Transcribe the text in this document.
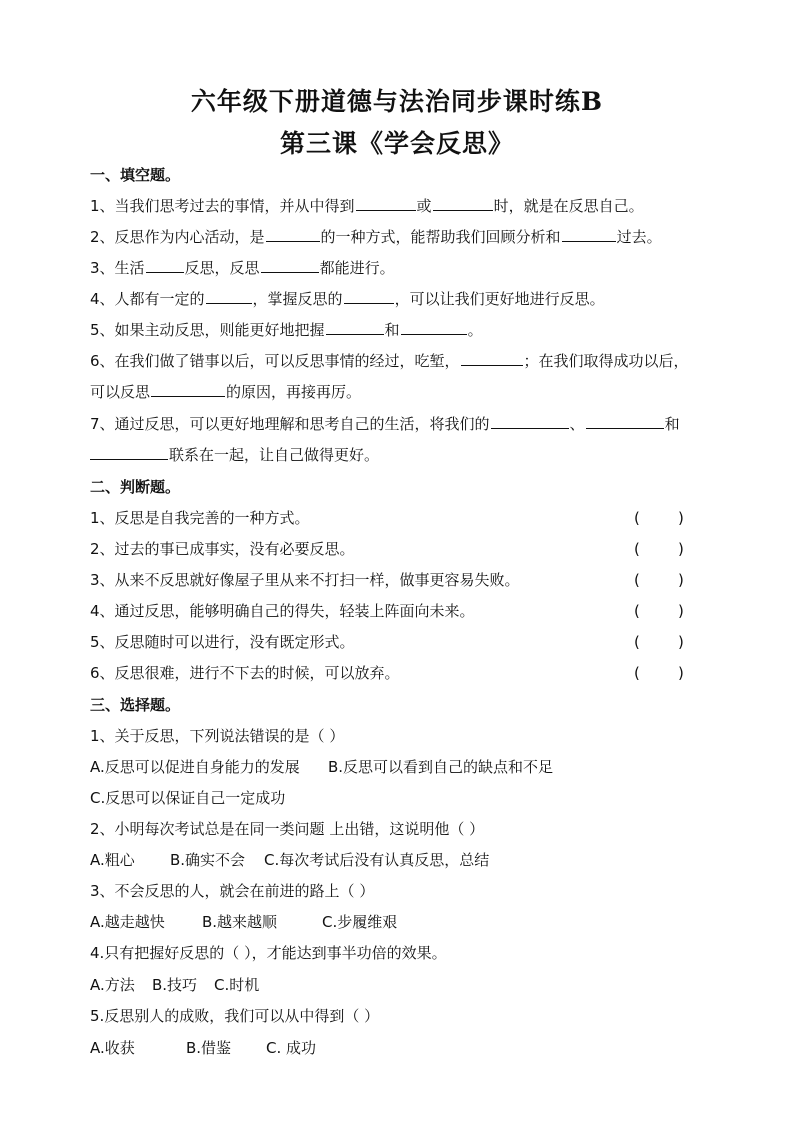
六年级下册道德与法治同步课时练B
第三课《学会反思》
一、填空题。
1、当我们思考过去的事情，并从中得到	或	时，就是在反思自己。
2、反思作为内心活动，是	的一种方式，能帮助我们回顾分析和	过去。
3、生活	反思，反思	都能进行。
4、人都有一定的	，掌握反思的	，可以让我们更好地进行反思。
5、如果主动反思，则能更好地把握	和	。
6、在我们做了错事以后，可以反思事情的经过，吃堑，	；在我们取得成功以后，
可以反思	的原因，再接再厉。
7、通过反思，可以更好地理解和思考自己的生活，将我们的	、	和
联系在一起，让自己做得更好。
二、判断题。
1、反思是自我完善的一种方式。	(        )
2、过去的事已成事实，没有必要反思。	(        )
3、从来不反思就好像屋子里从来不打扫一样，做事更容易失败。	(        )
4、通过反思，能够明确自己的得失，轻装上阵面向未来。	(        )
5、反思随时可以进行，没有既定形式。	(        )
6、反思很难，进行不下去的时候，可以放弃。	(        )
三、选择题。
1、关于反思，下列说法错误的是（ ）
A.反思可以促进自身能力的发展 B.反思可以看到自己的缺点和不足
C.反思可以保证自己一定成功
2、小明每次考试总是在同一类问题 上出错，这说明他（ ）
A.粗心 B.确实不会 C.每次考试后没有认真反思，总结
3、不会反思的人，就会在前进的路上（ ）
A.越走越快 B.越来越顺	C.步履维艰
4.只有把握好反思的（ ），才能达到事半功倍的效果。
A.方法 B.技巧 C.时机
5.反思别人的成败，我们可以从中得到（ ）
A.收获	B.借鉴 C. 成功
